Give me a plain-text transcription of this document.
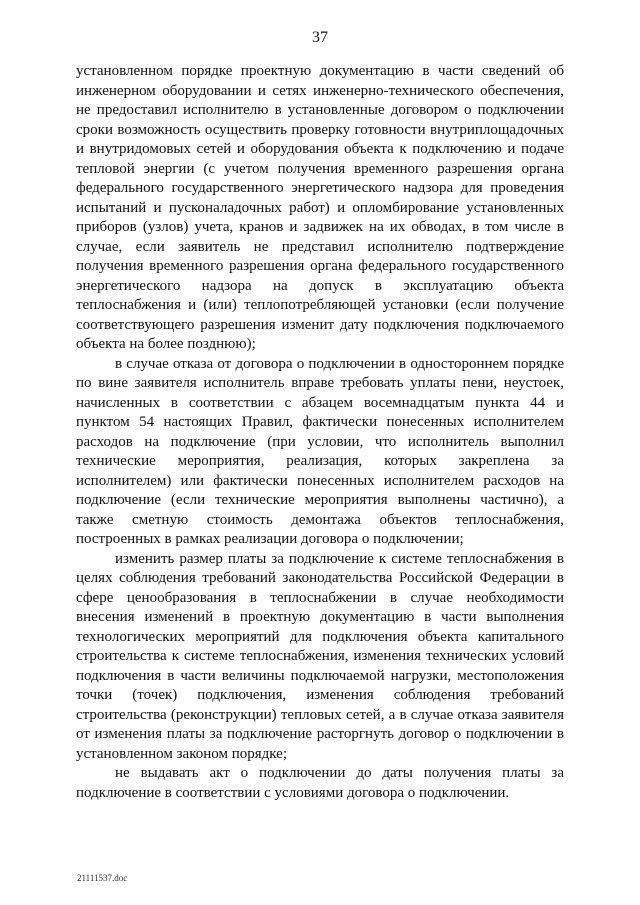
37

установленном порядке проектную документацию в части сведений об инженерном оборудовании и сетях инженерно-технического обеспечения, не предоставил исполнителю в установленные договором о подключении сроки возможность осуществить проверку готовности внутриплощадочных и внутридомовых сетей и оборудования объекта к подключению и подаче тепловой энергии (с учетом получения временного разрешения органа федерального государственного энергетического надзора для проведения испытаний и пусконаладочных работ) и опломбирование установленных приборов (узлов) учета, кранов и задвижек на их обводах, в том числе в случае, если заявитель не представил исполнителю подтверждение получения временного разрешения органа федерального государственного энергетического надзора на допуск в эксплуатацию объекта теплоснабжения и (или) теплопотребляющей установки (если получение соответствующего разрешения изменит дату подключения подключаемого объекта на более позднюю);

в случае отказа от договора о подключении в одностороннем порядке по вине заявителя исполнитель вправе требовать уплаты пени, неустоек, начисленных в соответствии с абзацем восемнадцатым пункта 44 и пунктом 54 настоящих Правил, фактически понесенных исполнителем расходов на подключение (при условии, что исполнитель выполнил технические мероприятия, реализация, которых закреплена за исполнителем) или фактически понесенных исполнителем расходов на подключение (если технические мероприятия выполнены частично), а также сметную стоимость демонтажа объектов теплоснабжения, построенных в рамках реализации договора о подключении;

изменить размер платы за подключение к системе теплоснабжения в целях соблюдения требований законодательства Российской Федерации в сфере ценообразования в теплоснабжении в случае необходимости внесения изменений в проектную документацию в части выполнения технологических мероприятий для подключения объекта капитального строительства к системе теплоснабжения, изменения технических условий подключения в части величины подключаемой нагрузки, местоположения точки (точек) подключения, изменения соблюдения требований строительства (реконструкции) тепловых сетей, а в случае отказа заявителя от изменения платы за подключение расторгнуть договор о подключении в установленном законом порядке;

не выдавать акт о подключении до даты получения платы за подключение в соответствии с условиями договора о подключении.

21111537.doc
